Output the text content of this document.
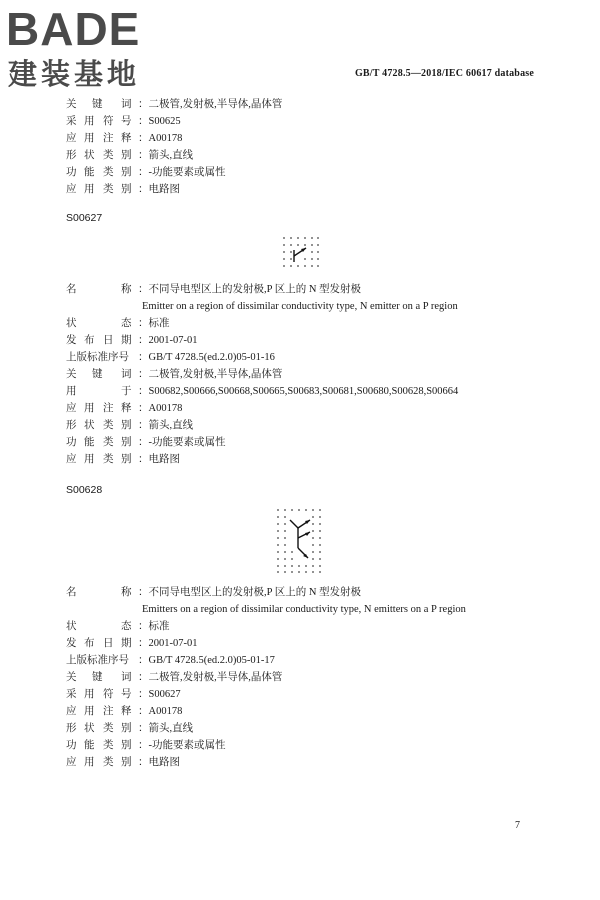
BADE
建装基地	GB/T 4728.5—2018/IEC 60617 database
关 键 词 ：二极管,发射极,半导体,晶体管
采 用 符 号 ：S00625
应 用 注 释 ：A00178
形 状 类 别 ：箭头,直线
功 能 类 别 ：-功能要素或属性
应 用 类 别 ：电路图
S00627
名	称 ：不同导电型区上的发射极,P 区上的 N 型发射极
Emitter on a region of dissimilar conductivity type, N emitter on a P region
状	态 ：标准
发 布 日 期 ：2001-07-01
上版标准序号 ：GB/T 4728.5(ed.2.0)05-01-16
关 键 词 ：二极管,发射极,半导体,晶体管
用	于 ：S00682,S00666,S00668,S00665,S00683,S00681,S00680,S00628,S00664
应 用 注 释 ：A00178
形 状 类 别 ：箭头,直线
功 能 类 别 ：-功能要素或属性
应 用 类 别 ：电路图
S00628
名	称 ：不同导电型区上的发射极,P 区上的 N 型发射极
Emitters on a region of dissimilar conductivity type, N emitters on a P region
状	态 ：标准
发 布 日 期 ：2001-07-01
上版标准序号 ：GB/T 4728.5(ed.2.0)05-01-17
关 键 词 ：二极管,发射极,半导体,晶体管
采 用 符 号 ：S00627
应 用 注 释 ：A00178
形 状 类 别 ：箭头,直线
功 能 类 别 ：-功能要素或属性
应 用 类 别 ：电路图
7
